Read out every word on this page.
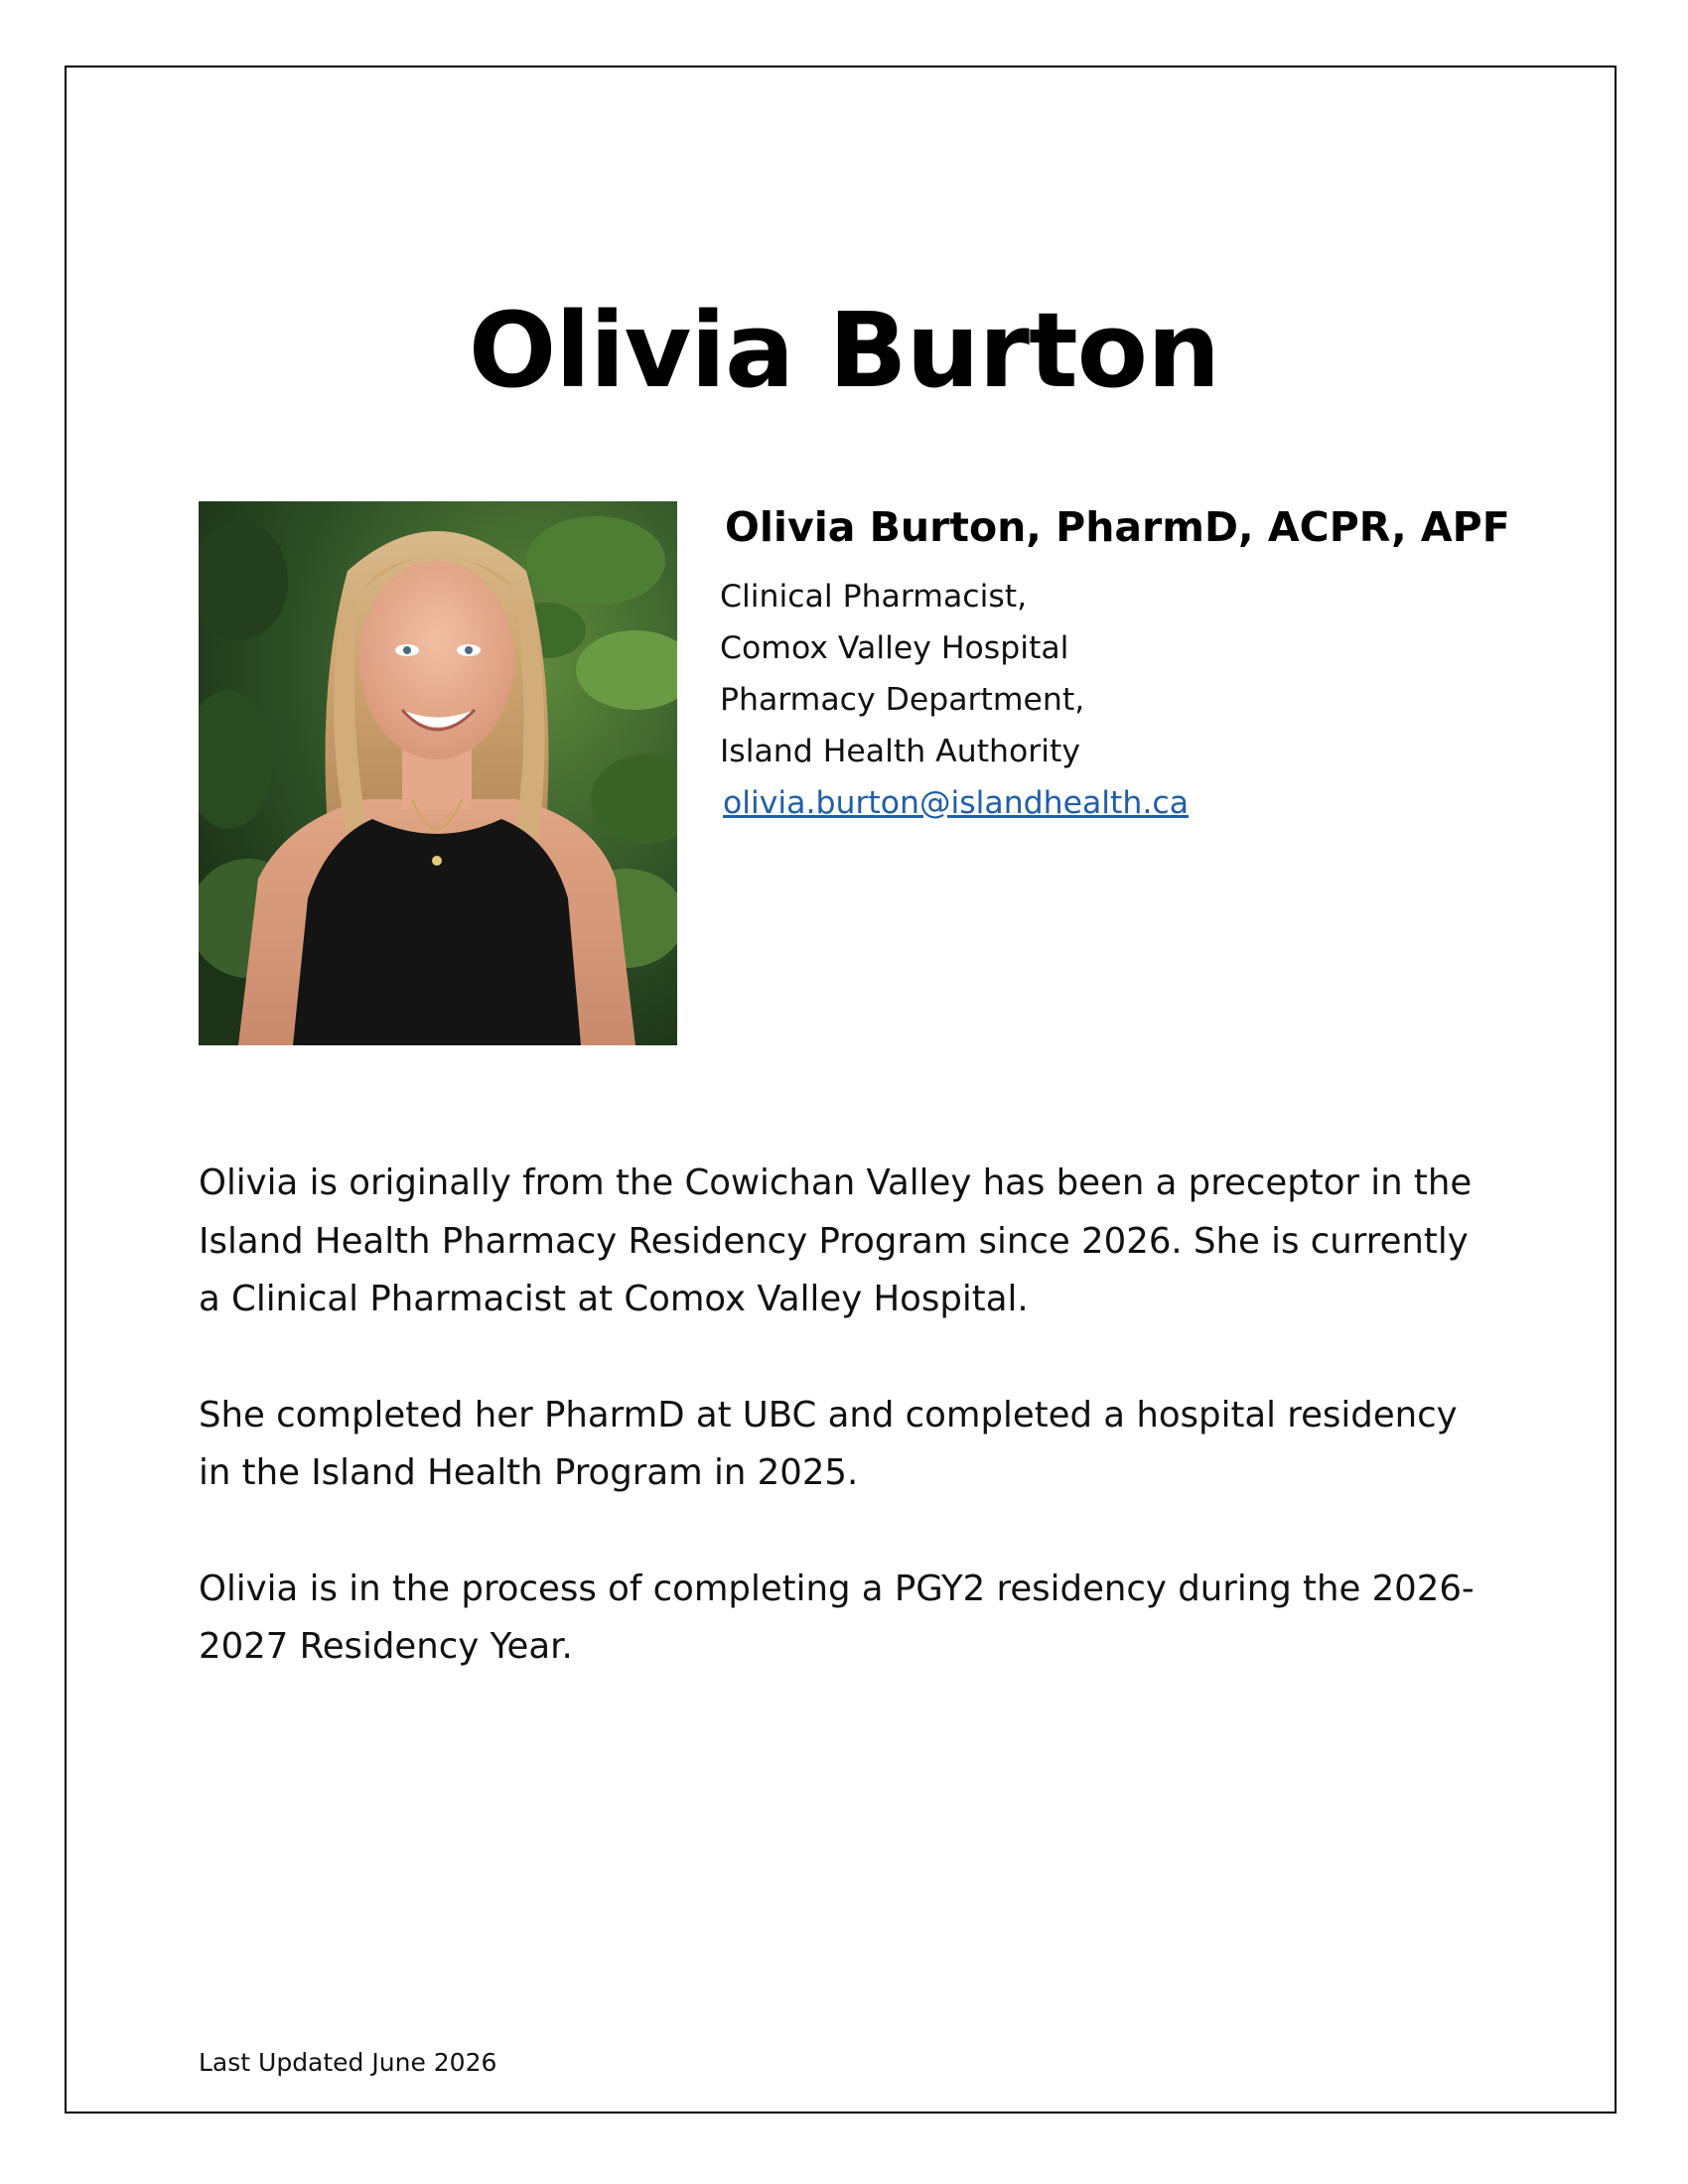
Olivia Burton
Olivia Burton, PharmD, ACPR, APF
Clinical Pharmacist,
Comox Valley Hospital
Pharmacy Department,
Island Health Authority
olivia.burton@islandhealth.ca

Olivia is originally from the Cowichan Valley has been a preceptor in the
Island Health Pharmacy Residency Program since 2026. She is currently
a Clinical Pharmacist at Comox Valley Hospital.

She completed her PharmD at UBC and completed a hospital residency
in the Island Health Program in 2025.

Olivia is in the process of completing a PGY2 residency during the 2026-
2027 Residency Year.

Last Updated June 2026
